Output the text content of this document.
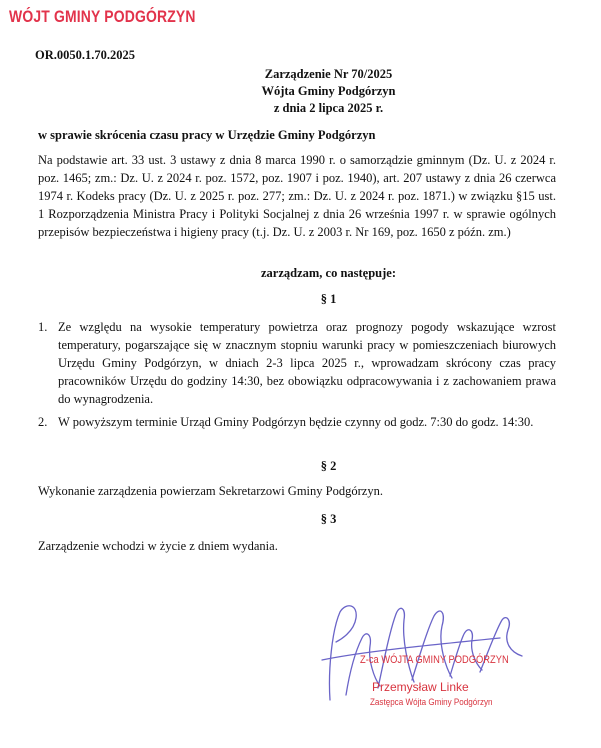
WÓJT GMINY PODGÓRZYN
OR.0050.1.70.2025
Zarządzenie Nr 70/2025
Wójta Gminy Podgórzyn
z dnia 2 lipca 2025 r.
w sprawie skrócenia czasu pracy w Urzędzie Gminy Podgórzyn
Na podstawie art. 33 ust. 3 ustawy z dnia 8 marca 1990 r. o samorządzie gminnym (Dz. U. z 2024 r. poz. 1465; zm.: Dz. U. z 2024 r. poz. 1572, poz. 1907 i poz. 1940), art. 207 ustawy z dnia 26 czerwca 1974 r. Kodeks pracy (Dz. U. z 2025 r. poz. 277; zm.: Dz. U. z 2024 r. poz. 1871.) w związku §15 ust. 1 Rozporządzenia Ministra Pracy i Polityki Socjalnej z dnia 26 września 1997 r. w sprawie ogólnych przepisów bezpieczeństwa i higieny pracy (t.j. Dz. U. z 2003 r. Nr 169, poz. 1650 z późn. zm.)
zarządzam, co następuje:
§ 1
1. Ze względu na wysokie temperatury powietrza oraz prognozy pogody wskazujące wzrost temperatury, pogarszające się w znacznym stopniu warunki pracy w pomieszczeniach biurowych Urzędu Gminy Podgórzyn, w dniach 2-3 lipca 2025 r., wprowadzam skrócony czas pracy pracowników Urzędu do godziny 14:30, bez obowiązku odpracowywania i z zachowaniem prawa do wynagrodzenia.
2. W powyższym terminie Urząd Gminy Podgórzyn będzie czynny od godz. 7:30 do godz. 14:30.
§ 2
Wykonanie zarządzenia powierzam Sekretarzowi Gminy Podgórzyn.
§ 3
Zarządzenie wchodzi w życie z dniem wydania.
Z-ca WÓJTA GMINY PODGÓRZYN
Przemysław Linke
Zastępca Wójta Gminy Podgórzyn
